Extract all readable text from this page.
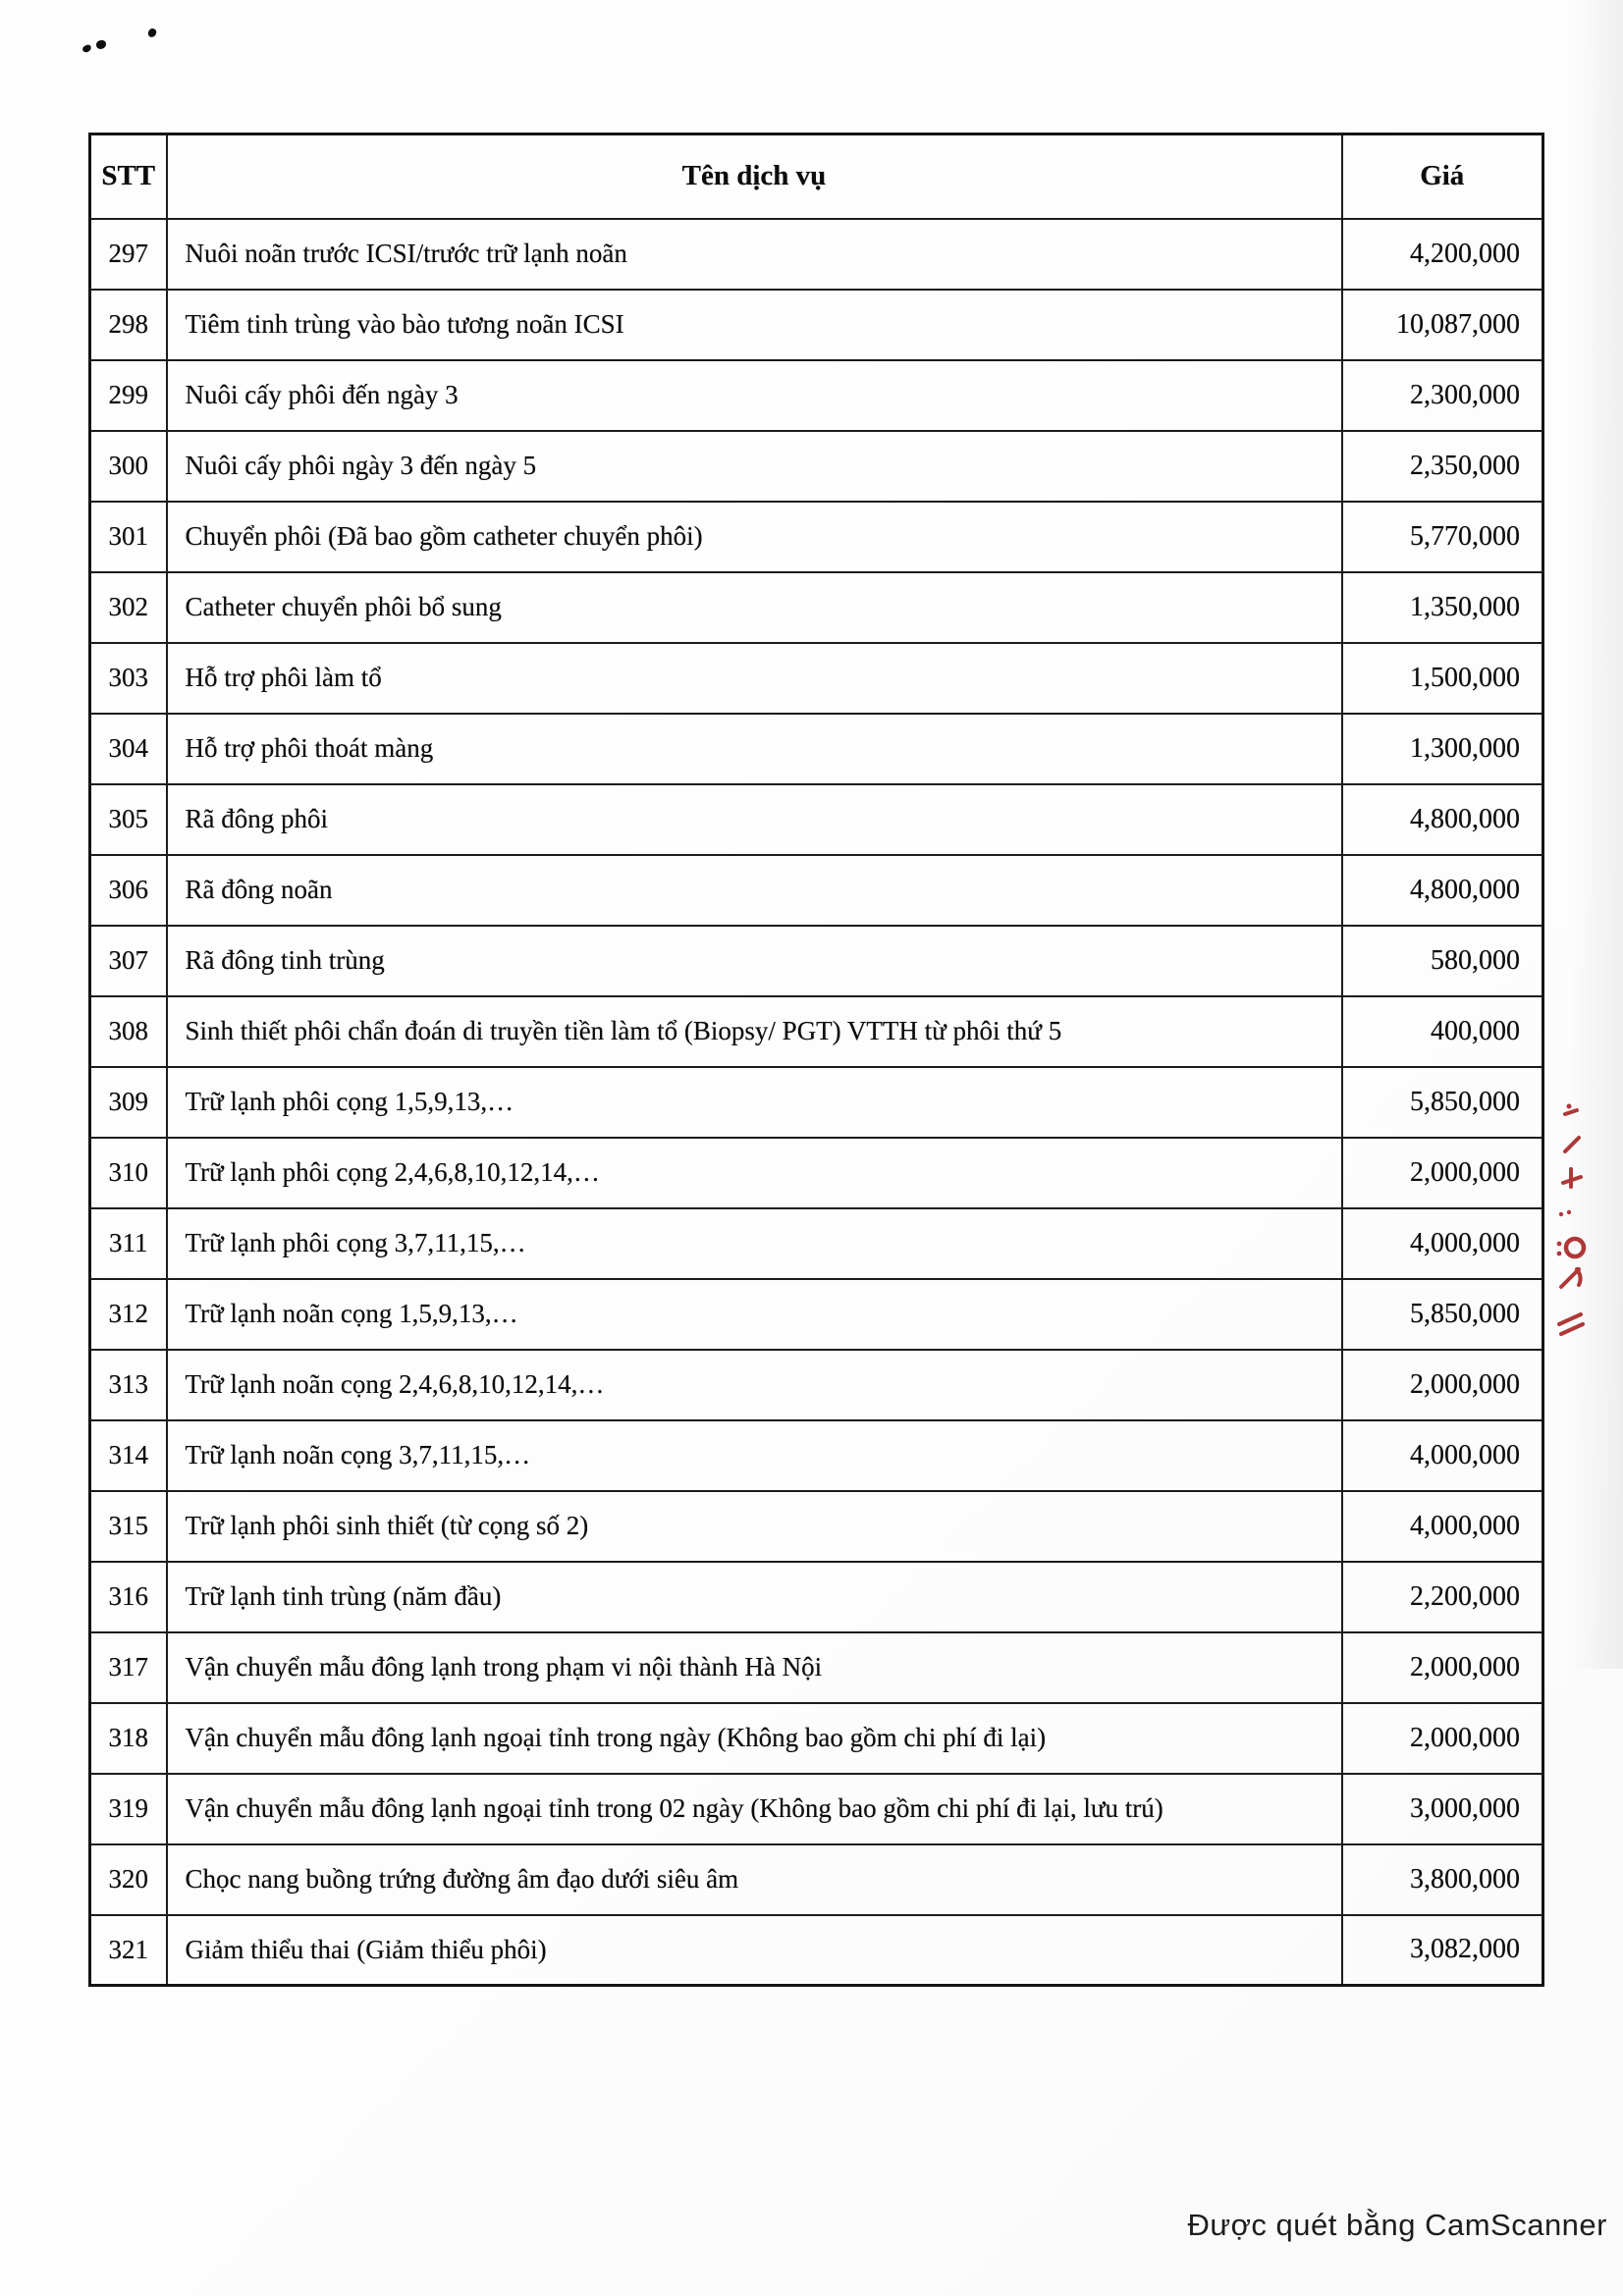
STT	Tên dịch vụ	Giá
297	Nuôi noãn trước ICSI/trước trữ lạnh noãn	4,200,000
298	Tiêm tinh trùng vào bào tương noãn ICSI	10,087,000
299	Nuôi cấy phôi đến ngày 3	2,300,000
300	Nuôi cấy phôi ngày 3 đến ngày 5	2,350,000
301	Chuyển phôi (Đã bao gồm catheter chuyển phôi)	5,770,000
302	Catheter chuyển phôi bổ sung	1,350,000
303	Hỗ trợ phôi làm tổ	1,500,000
304	Hỗ trợ phôi thoát màng	1,300,000
305	Rã đông phôi	4,800,000
306	Rã đông noãn	4,800,000
307	Rã đông tinh trùng	580,000
308	Sinh thiết phôi chẩn đoán di truyền tiền làm tổ (Biopsy/ PGT) VTTH từ phôi thứ 5	400,000
309	Trữ lạnh phôi cọng 1,5,9,13,…	5,850,000
310	Trữ lạnh phôi cọng 2,4,6,8,10,12,14,…	2,000,000
311	Trữ lạnh phôi cọng 3,7,11,15,…	4,000,000
312	Trữ lạnh noãn cọng 1,5,9,13,…	5,850,000
313	Trữ lạnh noãn cọng 2,4,6,8,10,12,14,…	2,000,000
314	Trữ lạnh noãn cọng 3,7,11,15,…	4,000,000
315	Trữ lạnh phôi sinh thiết (từ cọng số 2)	4,000,000
316	Trữ lạnh tinh trùng (năm đầu)	2,200,000
317	Vận chuyển mẫu đông lạnh trong phạm vi nội thành Hà Nội	2,000,000
318	Vận chuyển mẫu đông lạnh ngoại tỉnh trong ngày (Không bao gồm chi phí đi lại)	2,000,000
319	Vận chuyển mẫu đông lạnh ngoại tỉnh trong 02 ngày (Không bao gồm chi phí đi lại, lưu trú)	3,000,000
320	Chọc nang buồng trứng đường âm đạo dưới siêu âm	3,800,000
321	Giảm thiểu thai (Giảm thiểu phôi)	3,082,000
Được quét bằng CamScanner
